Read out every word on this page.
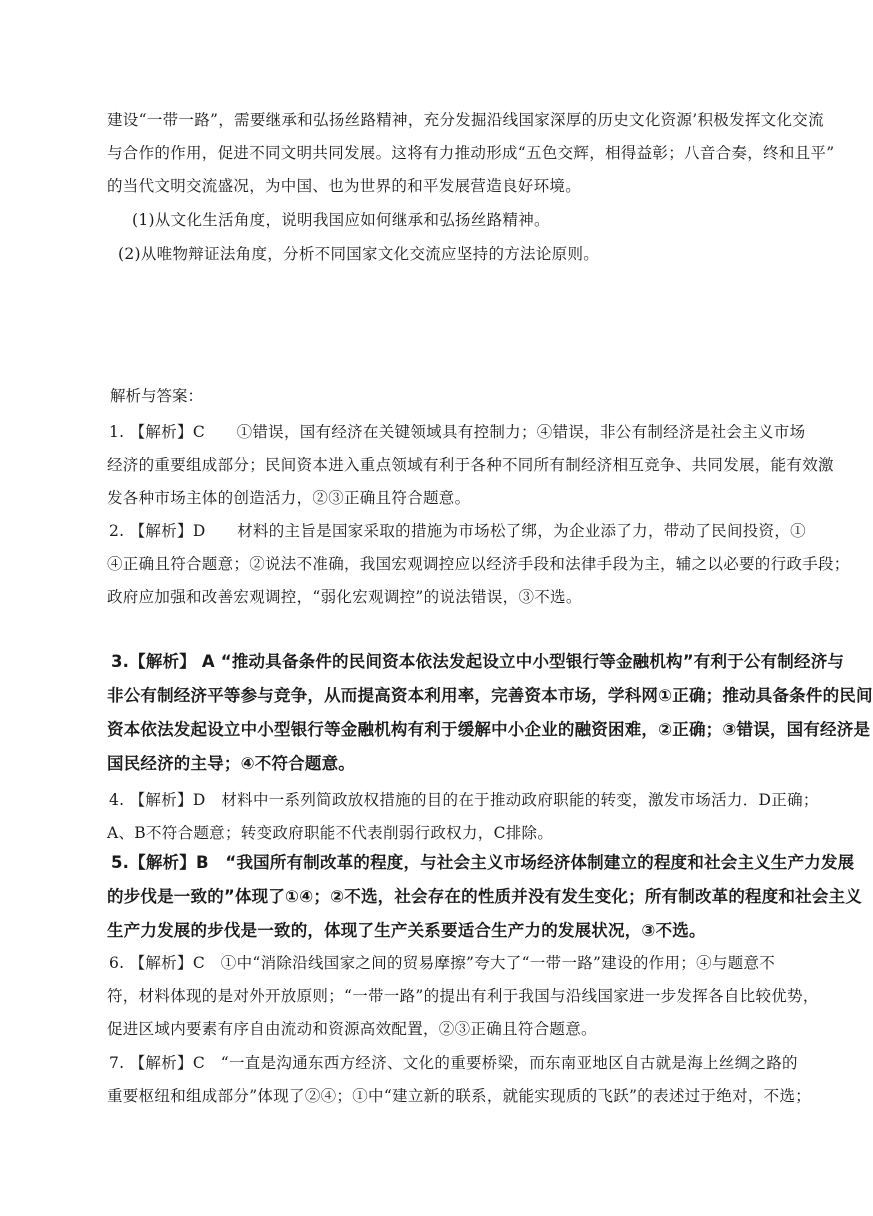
建设“一带一路”，需要继承和弘扬丝路精神，充分发掘沿线国家深厚的历史文化资源’积极发挥文化交流
与合作的作用，促进不同文明共同发展。这将有力推动形成“五色交辉，相得益彰；八音合奏，终和且平”
的当代文明交流盛况，为中国、也为世界的和平发展营造良好环境。
(1)从文化生活角度，说明我国应如何继承和弘扬丝路精神。
(2)从唯物辩证法角度，分析不同国家文化交流应坚持的方法论原则。

解析与答案：

1. 【解析】C　　①错误，国有经济在关键领域具有控制力；④错误，非公有制经济是社会主义市场
经济的重要组成部分；民间资本进入重点领域有利于各种不同所有制经济相互竞争、共同发展，能有效激
发各种市场主体的创造活力，②③正确且符合题意。
2. 【解析】D　　材料的主旨是国家采取的措施为市场松了绑，为企业添了力，带动了民间投资，①
④正确且符合题意；②说法不准确，我国宏观调控应以经济手段和法律手段为主，辅之以必要的行政手段；
政府应加强和改善宏观调控，“弱化宏观调控”的说法错误，③不选。
3.【解析】 A “推动具备条件的民间资本依法发起设立中小型银行等金融机构”有利于公有制经济与
非公有制经济平等参与竞争，从而提高资本利用率，完善资本市场，学科网①正确；推动具备条件的民间
资本依法发起设立中小型银行等金融机构有利于缓解中小企业的融资困难，②正确；③错误，国有经济是
国民经济的主导；④不符合题意。
4. 【解析】D　材料中一系列简政放权措施的目的在于推动政府职能的转变，激发市场活力．D正确；
A、B不符合题意；转变政府职能不代表削弱行政权力，C排除。
5.【解析】B　“我国所有制改革的程度，与社会主义市场经济体制建立的程度和社会主义生产力发展
的步伐是一致的”体现了①④；②不选，社会存在的性质并没有发生变化；所有制改革的程度和社会主义
生产力发展的步伐是一致的，体现了生产关系要适合生产力的发展状况，③不选。
6. 【解析】C　①中“消除沿线国家之间的贸易摩擦”夸大了“一带一路”建设的作用；④与题意不
符，材料体现的是对外开放原则；“一带一路”的提出有利于我国与沿线国家进一步发挥各自比较优势，
促进区域内要素有序自由流动和资源高效配置，②③正确且符合题意。
7. 【解析】C　“一直是沟通东西方经济、文化的重要桥梁，而东南亚地区自古就是海上丝绸之路的
重要枢纽和组成部分”体现了②④；①中“建立新的联系，就能实现质的飞跃”的表述过于绝对，不选；
